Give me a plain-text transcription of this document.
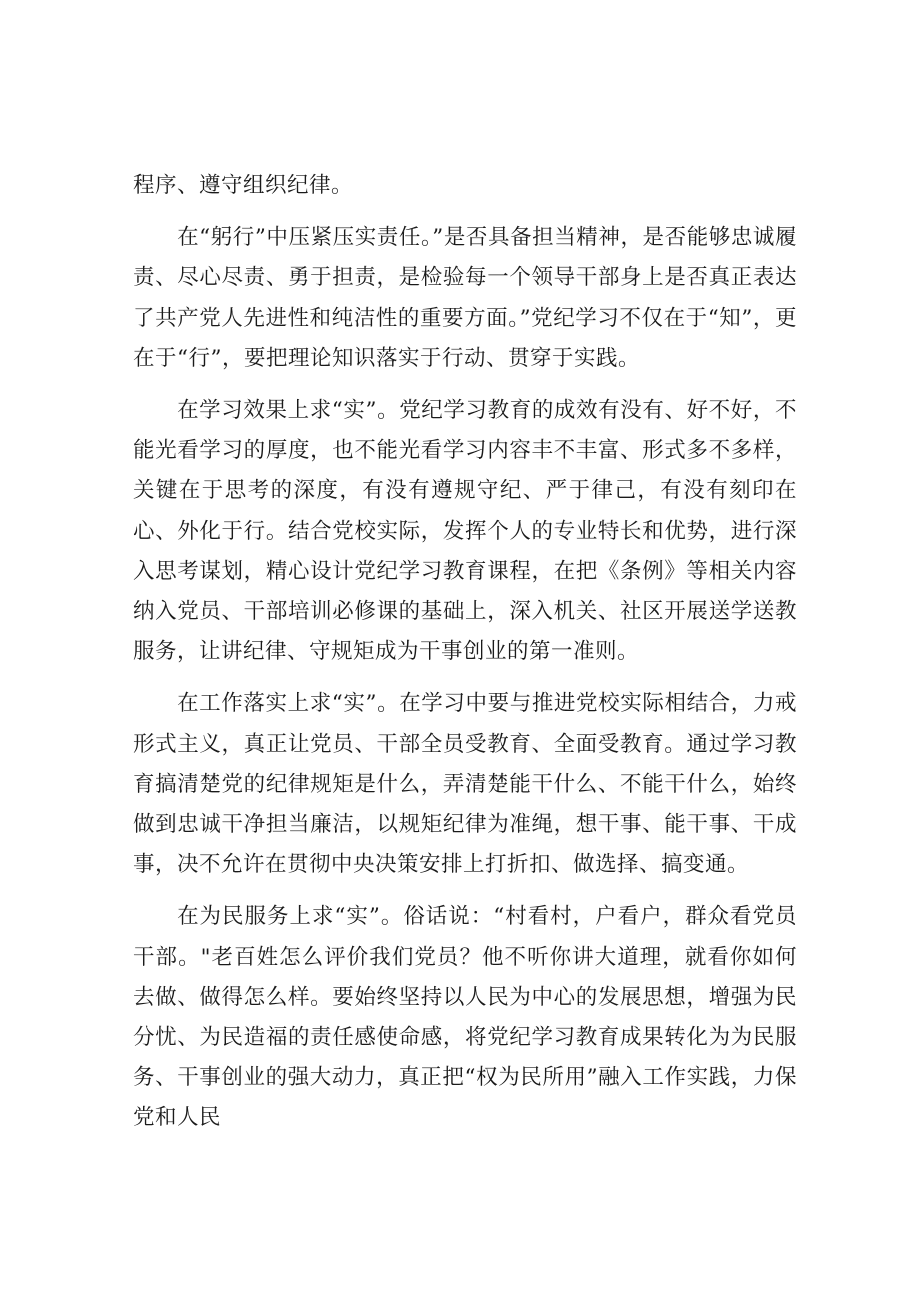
程序、遵守组织纪律。

在“躬行”中压紧压实责任。”是否具备担当精神，是否能够忠诚履责、尽心尽责、勇于担责，是检验每一个领导干部身上是否真正表达了共产党人先进性和纯洁性的重要方面。”党纪学习不仅在于“知”，更在于“行”，要把理论知识落实于行动、贯穿于实践。

在学习效果上求“实”。党纪学习教育的成效有没有、好不好，不能光看学习的厚度，也不能光看学习内容丰不丰富、形式多不多样，关键在于思考的深度，有没有遵规守纪、严于律己，有没有刻印在心、外化于行。结合党校实际，发挥个人的专业特长和优势，进行深入思考谋划，精心设计党纪学习教育课程，在把《条例》等相关内容纳入党员、干部培训必修课的基础上，深入机关、社区开展送学送教服务，让讲纪律、守规矩成为干事创业的第一准则。

在工作落实上求“实”。在学习中要与推进党校实际相结合，力戒形式主义，真正让党员、干部全员受教育、全面受教育。通过学习教育搞清楚党的纪律规矩是什么，弄清楚能干什么、不能干什么，始终做到忠诚干净担当廉洁，以规矩纪律为准绳，想干事、能干事、干成事，决不允许在贯彻中央决策安排上打折扣、做选择、搞变通。

在为民服务上求“实”。俗话说：“村看村，户看户，群众看党员干部。"老百姓怎么评价我们党员？他不听你讲大道理，就看你如何去做、做得怎么样。要始终坚持以人民为中心的发展思想，增强为民分忧、为民造福的责任感使命感，将党纪学习教育成果转化为为民服务、干事创业的强大动力，真正把“权为民所用”融入工作实践，力保党和人民
